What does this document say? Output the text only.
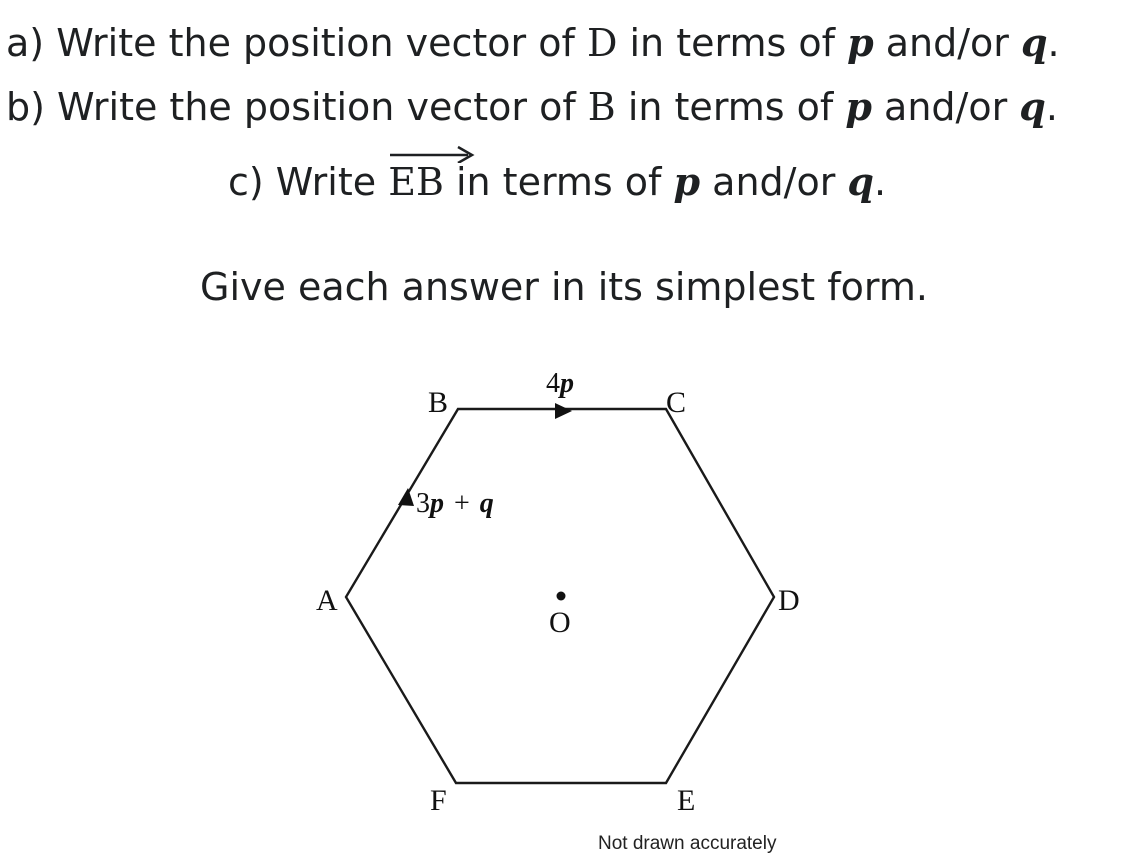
a) Write the position vector of D in terms of p and/or q.
b) Write the position vector of B in terms of p and/or q.
c) Write
EB in terms of p and/or q.
Give each answer in its simplest form.
B	C
A	D
F	E
O
4p
3p + q
Not drawn accurately
